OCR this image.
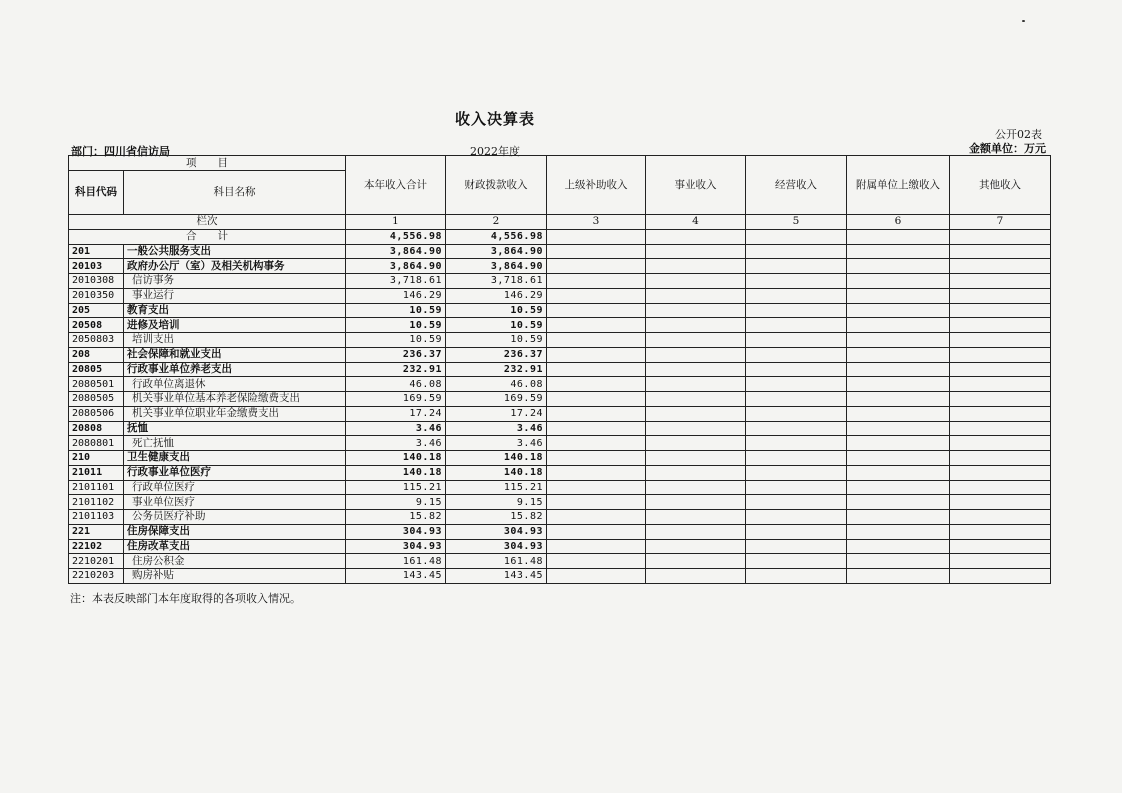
收入决算表
公开02表
部门：四川省信访局	2022年度	金额单位：万元
项　　目		本年收入合计	财政拨款收入	上级补助收入	事业收入	经营收入	附属单位上缴收入	其他收入
科目代码	科目名称							
栏次		1	2	3	4	5	6	7
合　　计		4,556.98	4,556.98					
201	一般公共服务支出	3,864.90	3,864.90					
20103	政府办公厅（室）及相关机构事务	3,864.90	3,864.90					
2010308	信访事务	3,718.61	3,718.61					
2010350	事业运行	146.29	146.29					
205	教育支出	10.59	10.59					
20508	进修及培训	10.59	10.59					
2050803	培训支出	10.59	10.59					
208	社会保障和就业支出	236.37	236.37					
20805	行政事业单位养老支出	232.91	232.91					
2080501	行政单位离退休	46.08	46.08					
2080505	机关事业单位基本养老保险缴费支出	169.59	169.59					
2080506	机关事业单位职业年金缴费支出	17.24	17.24					
20808	抚恤	3.46	3.46					
2080801	死亡抚恤	3.46	3.46					
210	卫生健康支出	140.18	140.18					
21011	行政事业单位医疗	140.18	140.18					
2101101	行政单位医疗	115.21	115.21					
2101102	事业单位医疗	9.15	9.15					
2101103	公务员医疗补助	15.82	15.82					
221	住房保障支出	304.93	304.93					
22102	住房改革支出	304.93	304.93					
2210201	住房公积金	161.48	161.48					
2210203	购房补贴	143.45	143.45					
注：本表反映部门本年度取得的各项收入情况。
